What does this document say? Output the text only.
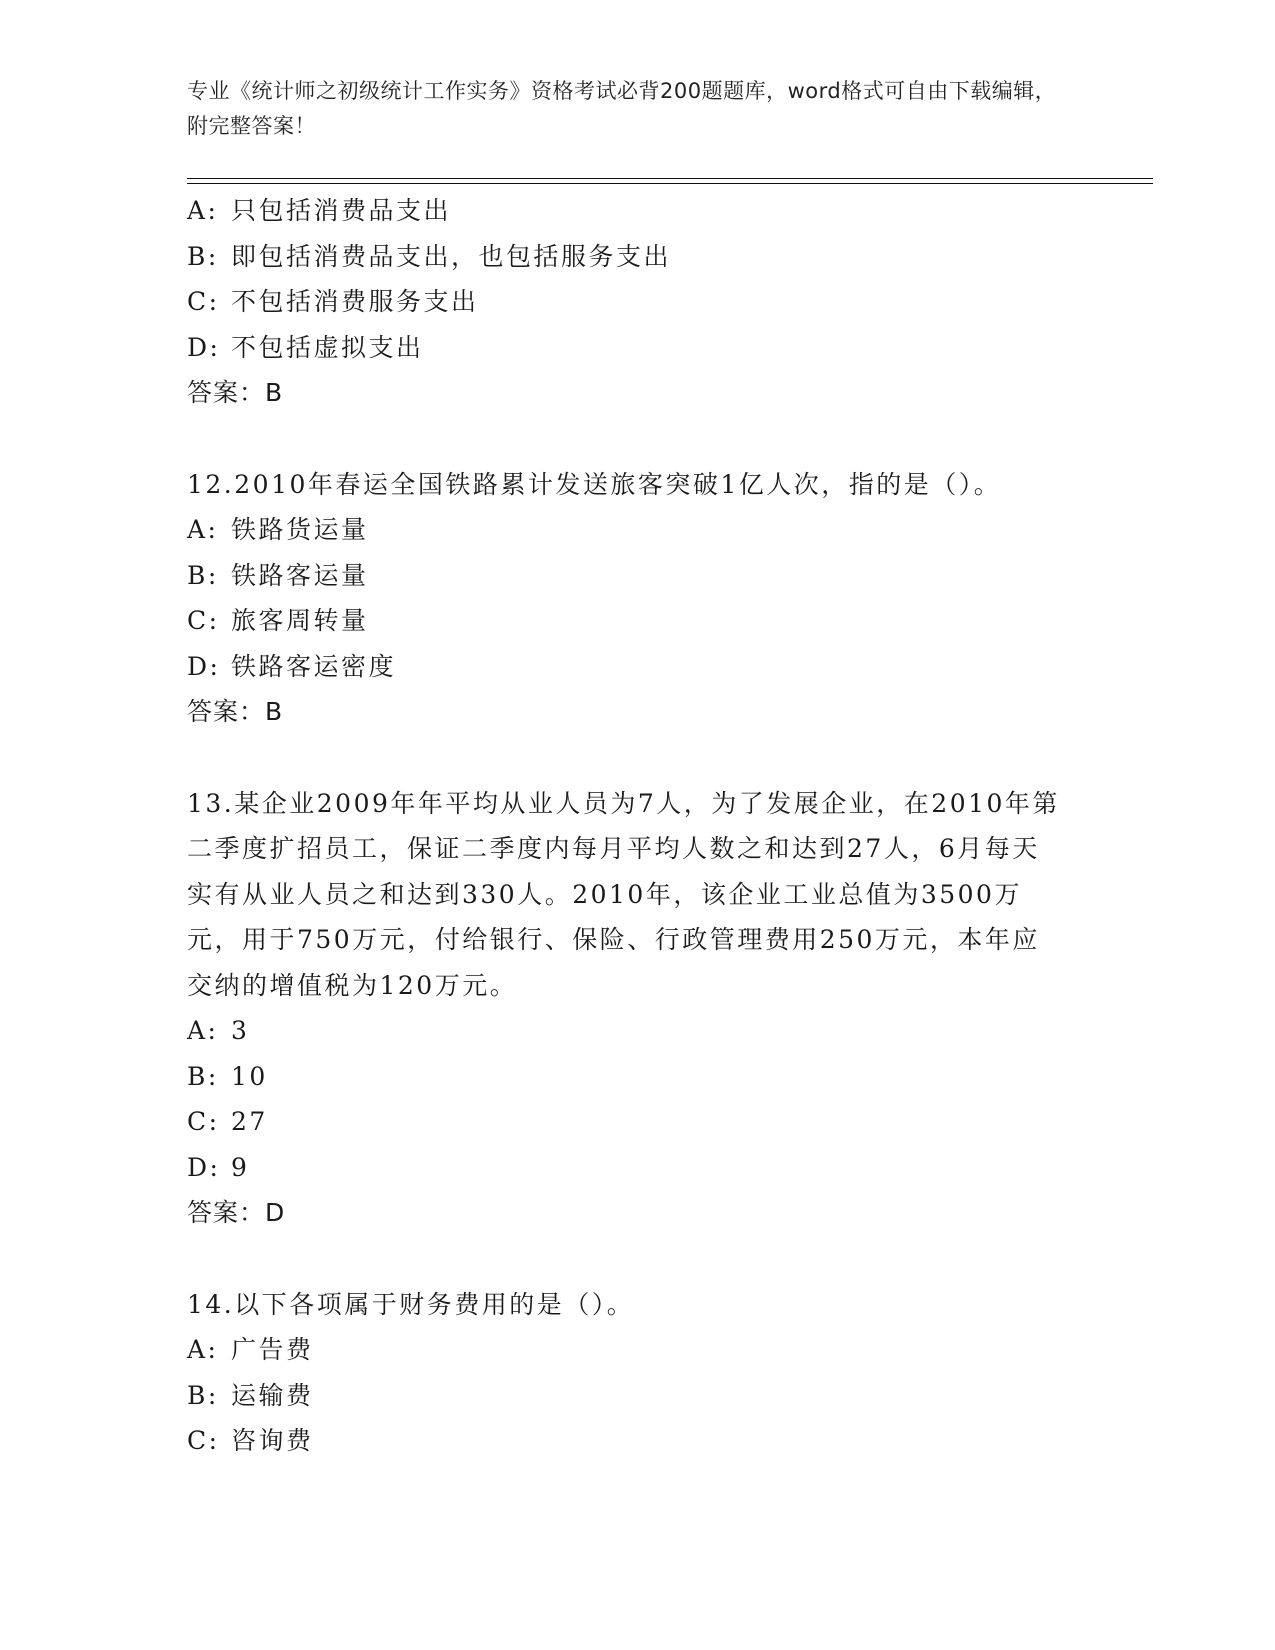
专业《统计师之初级统计工作实务》资格考试必背200题题库，word格式可自由下载编辑，附完整答案！
A: 只包括消费品支出
B: 即包括消费品支出，也包括服务支出
C: 不包括消费服务支出
D: 不包括虚拟支出
答案：B
12.2010年春运全国铁路累计发送旅客突破1亿人次，指的是（）。
A: 铁路货运量
B: 铁路客运量
C: 旅客周转量
D: 铁路客运密度
答案：B
13.某企业2009年年平均从业人员为7人，为了发展企业，在2010年第二季度扩招员工，保证二季度内每月平均人数之和达到27人，6月每天实有从业人员之和达到330人。2010年，该企业工业总值为3500万元，用于750万元，付给银行、保险、行政管理费用250万元，本年应交纳的增值税为120万元。
A: 3
B: 10
C: 27
D: 9
答案：D
14.以下各项属于财务费用的是（）。
A: 广告费
B: 运输费
C: 咨询费
